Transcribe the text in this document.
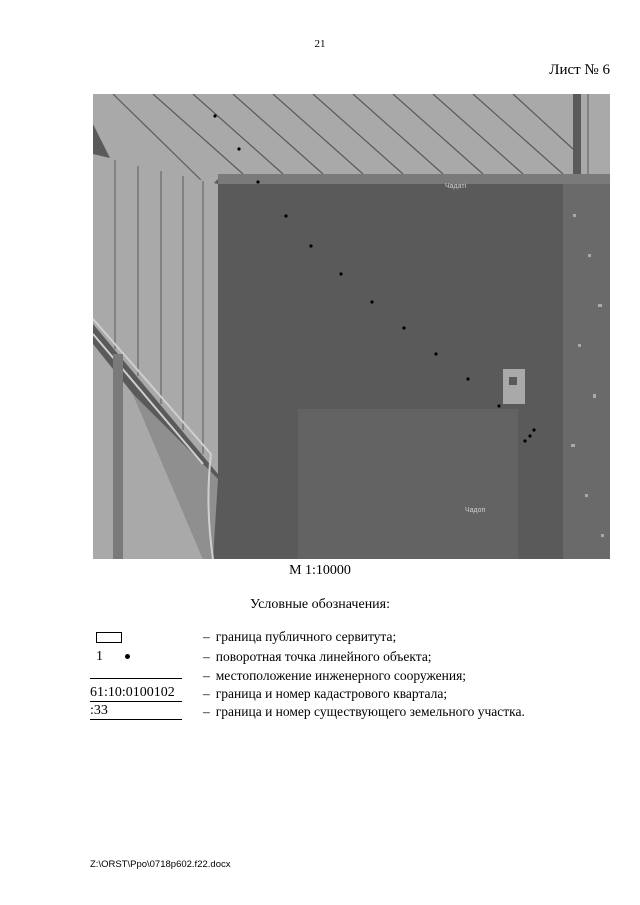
21
Лист № 6
Чадаті
Чадоп
М 1:10000
Условные обозначения:
– граница публичного сервитута;
1	– поворотная точка линейного объекта;
– местоположение инженерного сооружения;
61:10:0100102	– граница и номер кадастрового квартала;
:33	– граница и номер существующего земельного участка.
Z:\ORST\Ppo\0718p602.f22.docx
